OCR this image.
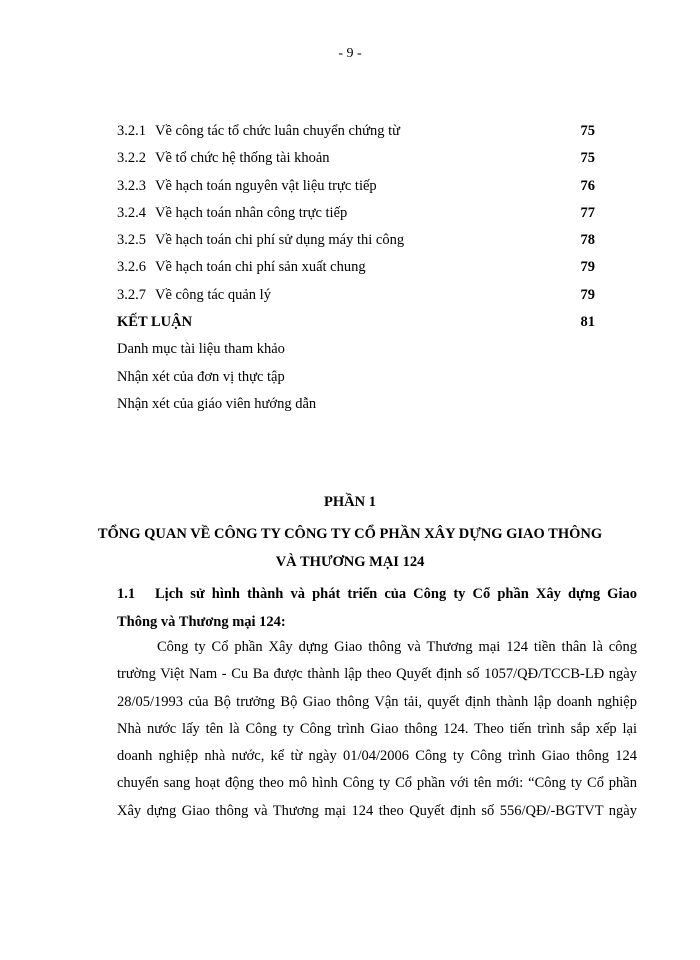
- 9 -
3.2.1 Về công tác tổ chức luân chuyển chứng từ	75
3.2.2 Về tổ chức hệ thống tài khoản	75
3.2.3 Về hạch toán nguyên vật liệu trực tiếp	76
3.2.4 Về hạch toán nhân công trực tiếp	77
3.2.5 Về hạch toán chi phí sử dụng máy thi công	78
3.2.6 Về hạch toán chi phí sản xuất chung	79
3.2.7 Về công tác quản lý	79
KẾT LUẬN	81
Danh mục tài liệu tham khảo
Nhận xét của đơn vị thực tập
Nhận xét của giáo viên hướng dẫn
PHẦN 1
TỔNG QUAN VỀ CÔNG TY CÔNG TY CỔ PHẦN XÂY DỰNG GIAO THÔNG
VÀ THƯƠNG MẠI 124
1.1 Lịch sử hình thành và phát triển của Công ty Cổ phần Xây dựng Giao
Thông và Thương mại 124:
Công ty Cổ phần Xây dựng Giao thông và Thương mại 124 tiền thân là công
trường Việt Nam - Cu Ba được thành lập theo Quyết định số 1057/QĐ/TCCB-LĐ ngày
28/05/1993 của Bộ trưởng Bộ Giao thông Vận tải, quyết định thành lập doanh nghiệp
Nhà nước lấy tên là Công ty Công trình Giao thông 124. Theo tiến trình sắp xếp lại
doanh nghiệp nhà nước, kể từ ngày 01/04/2006 Công ty Công trình Giao thông 124
chuyển sang hoạt động theo mô hình Công ty Cổ phần với tên mới: “Công ty Cổ phần
Xây dựng Giao thông và Thương mại 124 theo Quyết định số 556/QĐ/-BGTVT ngày
